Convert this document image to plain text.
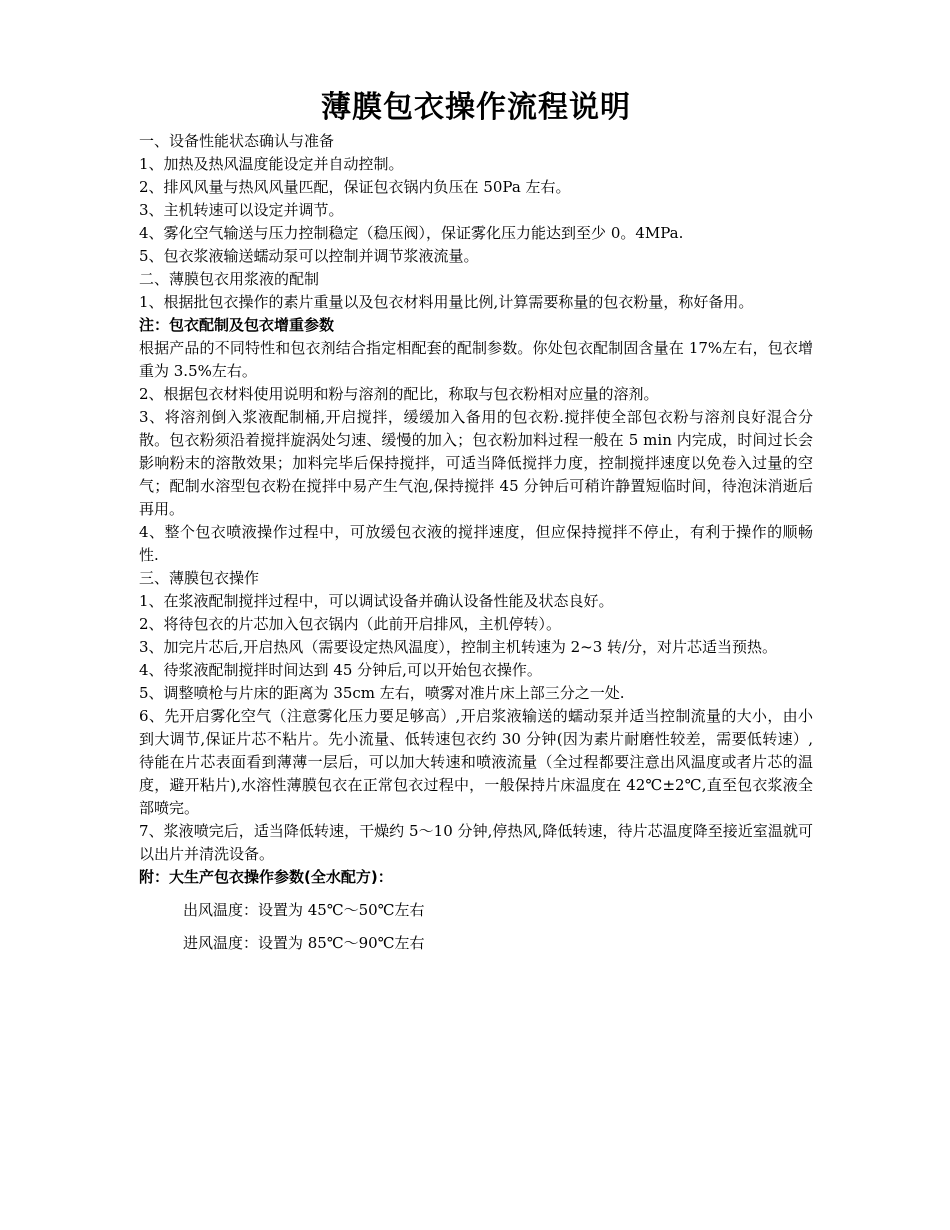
薄膜包衣操作流程说明

一、设备性能状态确认与准备

1、加热及热风温度能设定并自动控制。

2、排风风量与热风风量匹配，保证包衣锅内负压在 50Pa 左右。

3、主机转速可以设定并调节。

4、雾化空气输送与压力控制稳定（稳压阀），保证雾化压力能达到至少 0。4MPa.

5、包衣浆液输送蠕动泵可以控制并调节浆液流量。

二、薄膜包衣用浆液的配制

1、根据批包衣操作的素片重量以及包衣材料用量比例,计算需要称量的包衣粉量，称好备用。

注：包衣配制及包衣增重参数

根据产品的不同特性和包衣剂结合指定相配套的配制参数。你处包衣配制固含量在 17%左右，包衣增重为 3.5%左右。

2、根据包衣材料使用说明和粉与溶剂的配比，称取与包衣粉相对应量的溶剂。

3、将溶剂倒入浆液配制桶,开启搅拌，缓缓加入备用的包衣粉.搅拌使全部包衣粉与溶剂良好混合分散。包衣粉须沿着搅拌旋涡处匀速、缓慢的加入；包衣粉加料过程一般在 5 min 内完成，时间过长会影响粉末的溶散效果；加料完毕后保持搅拌，可适当降低搅拌力度，控制搅拌速度以免卷入过量的空气；配制水溶型包衣粉在搅拌中易产生气泡,保持搅拌 45 分钟后可稍许静置短临时间，待泡沫消逝后再用。

4、整个包衣喷液操作过程中，可放缓包衣液的搅拌速度，但应保持搅拌不停止，有利于操作的顺畅性.

三、薄膜包衣操作

1、在浆液配制搅拌过程中，可以调试设备并确认设备性能及状态良好。

2、将待包衣的片芯加入包衣锅内（此前开启排风，主机停转）。

3、加完片芯后,开启热风（需要设定热风温度），控制主机转速为 2~3 转/分，对片芯适当预热。

4、待浆液配制搅拌时间达到 45 分钟后,可以开始包衣操作。

5、调整喷枪与片床的距离为 35cm 左右，喷雾对准片床上部三分之一处.

6、先开启雾化空气（注意雾化压力要足够高）,开启浆液输送的蠕动泵并适当控制流量的大小，由小到大调节,保证片芯不粘片。先小流量、低转速包衣约 30 分钟(因为素片耐磨性较差，需要低转速）,待能在片芯表面看到薄薄一层后，可以加大转速和喷液流量（全过程都要注意出风温度或者片芯的温度，避开粘片),水溶性薄膜包衣在正常包衣过程中，一般保持片床温度在 42℃±2℃,直至包衣浆液全部喷完。

7、浆液喷完后，适当降低转速，干燥约 5～10 分钟,停热风,降低转速，待片芯温度降至接近室温就可以出片并清洗设备。

附：大生产包衣操作参数(全水配方)：

出风温度：设置为 45℃～50℃左右

进风温度：设置为 85℃～90℃左右
